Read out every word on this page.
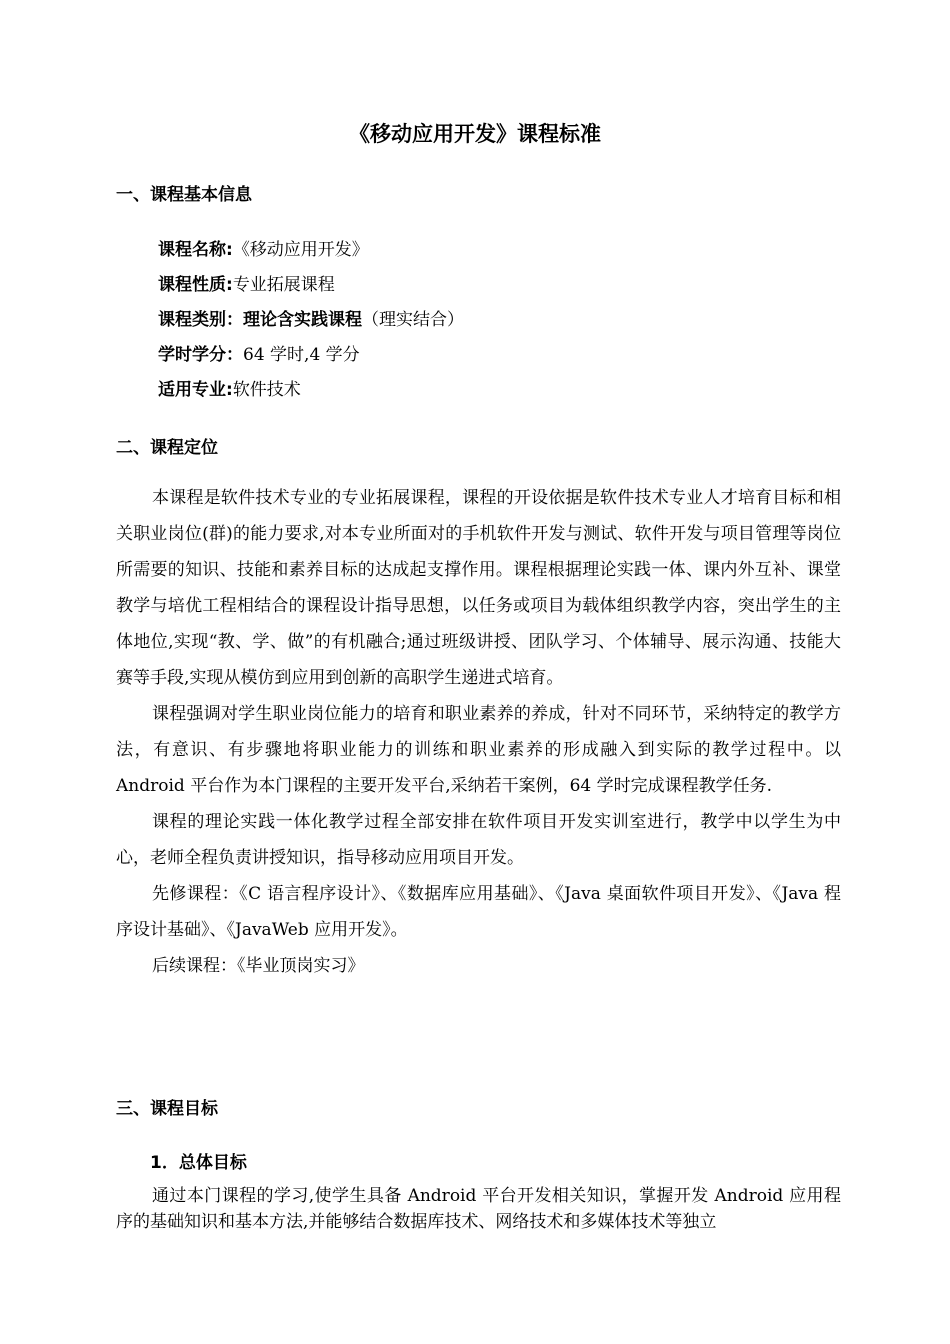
《移动应用开发》课程标准
一、课程基本信息
课程名称:《移动应用开发》
课程性质:专业拓展课程
课程类别：理论含实践课程（理实结合）
学时学分：64 学时,4 学分
适用专业:软件技术
二、课程定位

本课程是软件技术专业的专业拓展课程，课程的开设依据是软件技术专业人才培育目标和相关职业岗位(群)的能力要求,对本专业所面对的手机软件开发与测试、软件开发与项目管理等岗位所需要的知识、技能和素养目标的达成起支撑作用。课程根据理论实践一体、课内外互补、课堂教学与培优工程相结合的课程设计指导思想，以任务或项目为载体组织教学内容，突出学生的主体地位,实现“教、学、做”的有机融合;通过班级讲授、团队学习、个体辅导、展示沟通、技能大赛等手段,实现从模仿到应用到创新的高职学生递进式培育。

课程强调对学生职业岗位能力的培育和职业素养的养成，针对不同环节，采纳特定的教学方法，有意识、有步骤地将职业能力的训练和职业素养的形成融入到实际的教学过程中。以 Android 平台作为本门课程的主要开发平台,采纳若干案例，64 学时完成课程教学任务.

课程的理论实践一体化教学过程全部安排在软件项目开发实训室进行，教学中以学生为中心，老师全程负责讲授知识，指导移动应用项目开发。

先修课程：《C 语言程序设计》、《数据库应用基础》、《Java 桌面软件项目开发》、《Java 程序设计基础》、《JavaWeb 应用开发》。

后续课程：《毕业顶岗实习》

三、课程目标
1．总体目标

通过本门课程的学习,使学生具备 Android 平台开发相关知识，掌握开发 Android 应用程序的基础知识和基本方法,并能够结合数据库技术、网络技术和多媒体技术等独立
